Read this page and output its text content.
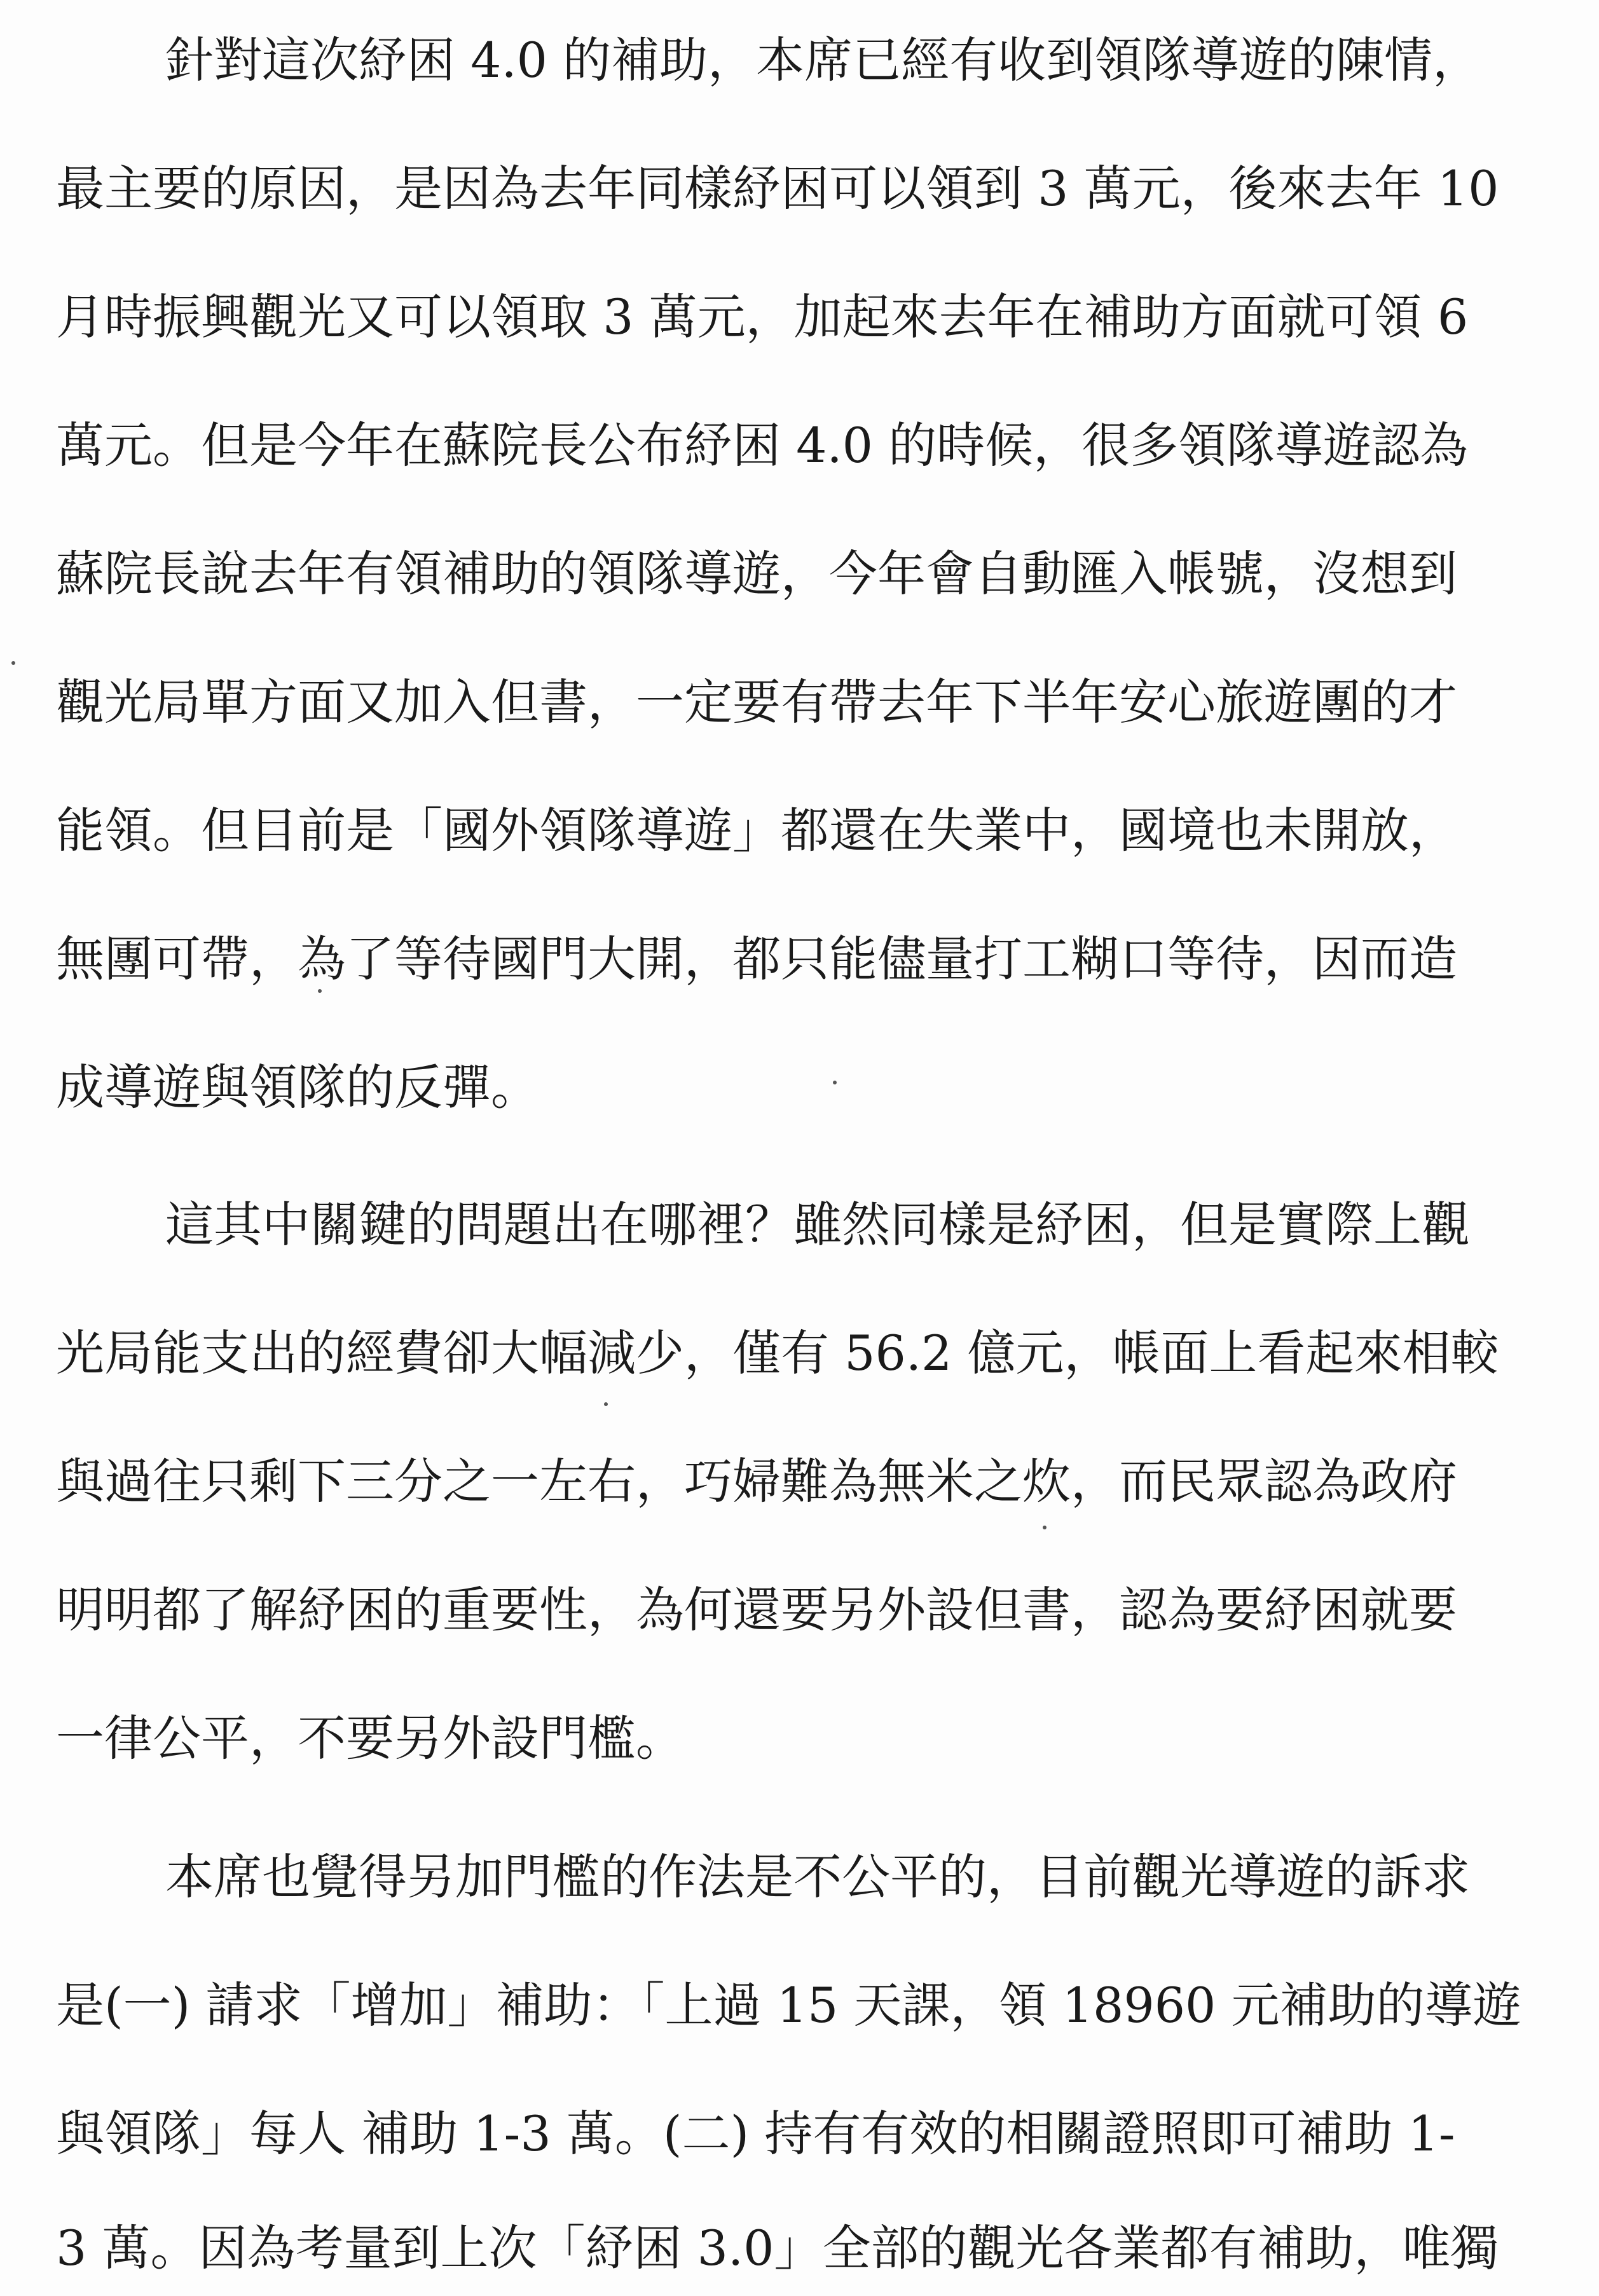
針對這次紓困 4.0 的補助，本席已經有收到領隊導遊的陳情，
最主要的原因，是因為去年同樣紓困可以領到 3 萬元，後來去年 10
月時振興觀光又可以領取 3 萬元，加起來去年在補助方面就可領 6
萬元。但是今年在蘇院長公布紓困 4.0 的時候，很多領隊導遊認為
蘇院長說去年有領補助的領隊導遊，今年會自動匯入帳號，沒想到
觀光局單方面又加入但書，一定要有帶去年下半年安心旅遊團的才
能領。但目前是「國外領隊導遊」都還在失業中，國境也未開放，
無團可帶，為了等待國門大開，都只能儘量打工糊口等待，因而造
成導遊與領隊的反彈。
這其中關鍵的問題出在哪裡？雖然同樣是紓困，但是實際上觀
光局能支出的經費卻大幅減少，僅有 56.2 億元，帳面上看起來相較
與過往只剩下三分之一左右，巧婦難為無米之炊，而民眾認為政府
明明都了解紓困的重要性，為何還要另外設但書，認為要紓困就要
一律公平，不要另外設門檻。
本席也覺得另加門檻的作法是不公平的，目前觀光導遊的訴求
是(一) 請求「增加」補助：「上過 15 天課，領 18960 元補助的導遊
與領隊」每人 補助 1-3 萬。(二) 持有有效的相關證照即可補助 1-
3 萬。因為考量到上次「紓困 3.0」全部的觀光各業都有補助，唯獨
